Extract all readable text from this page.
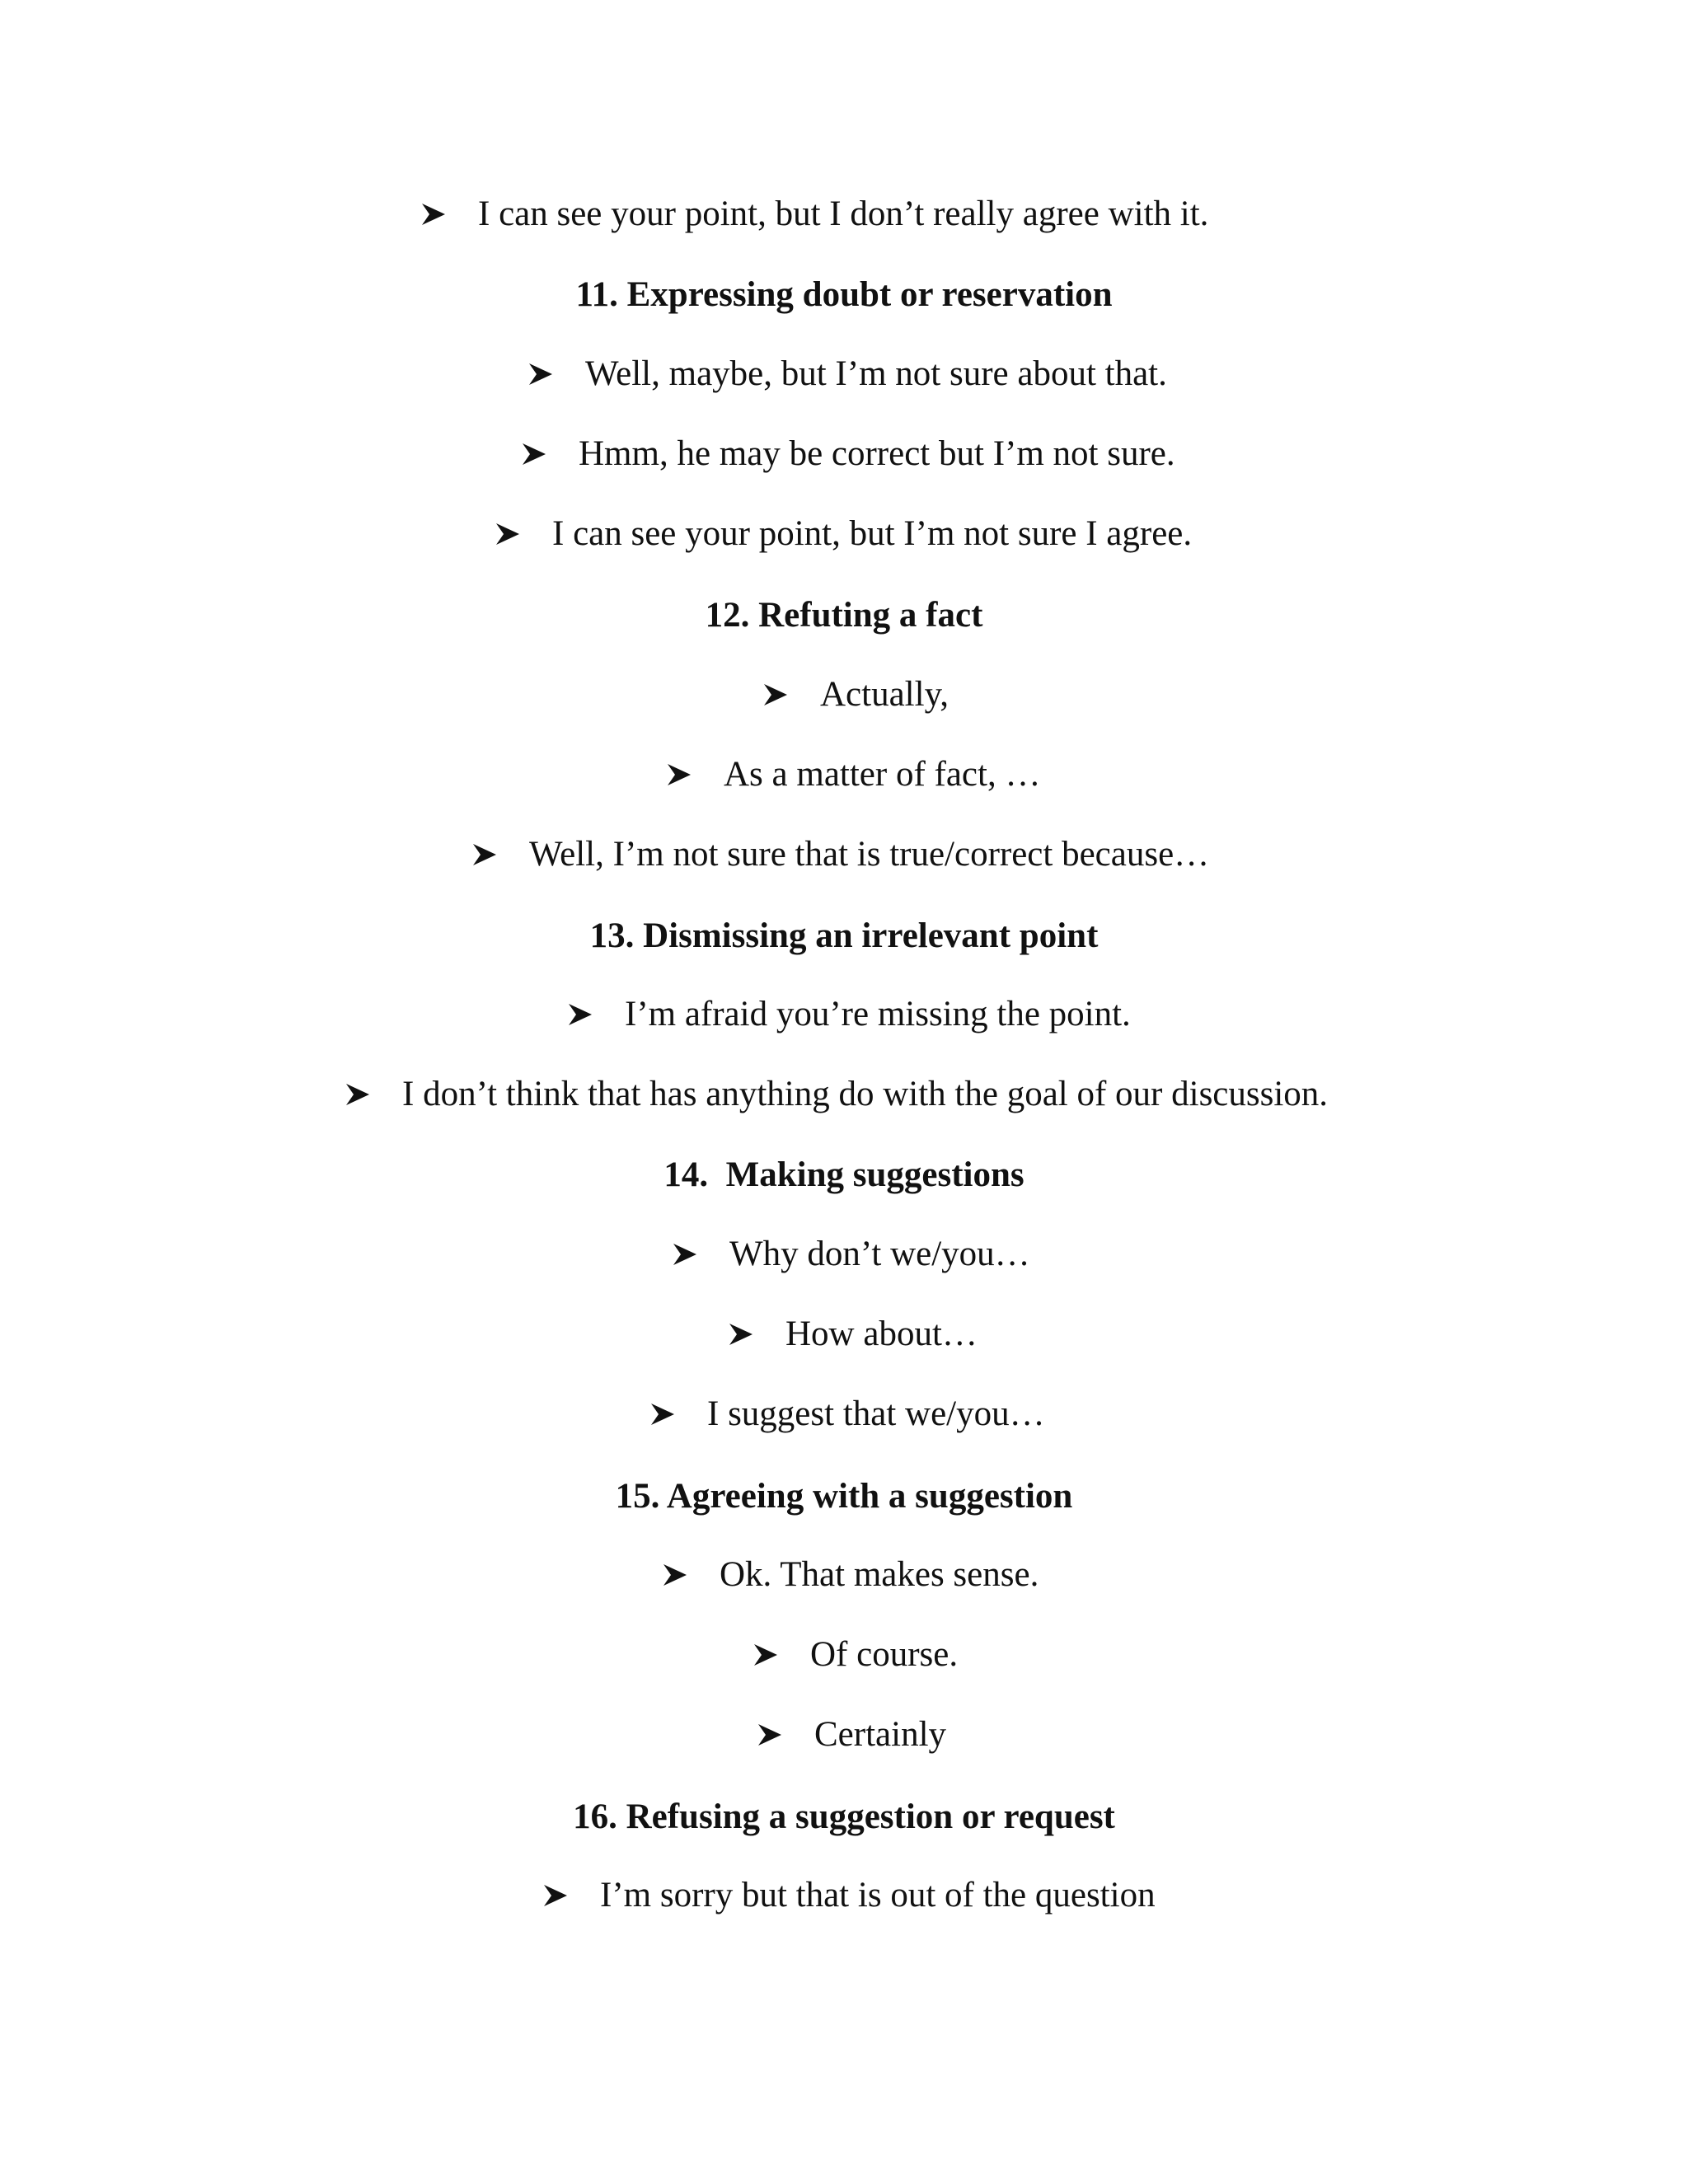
I can see your point, but I don’t really agree with it.
11. Expressing doubt or reservation
Well, maybe, but I’m not sure about that.
Hmm, he may be correct but I’m not sure.
I can see your point, but I’m not sure I agree.
12. Refuting a fact
Actually,
As a matter of fact, …
Well, I’m not sure that is true/correct because…
13. Dismissing an irrelevant point
I’m afraid you’re missing the point.
I don’t think that has anything do with the goal of our discussion.
14.  Making suggestions
Why don’t we/you…
How about…
I suggest that we/you…
15. Agreeing with a suggestion
Ok. That makes sense.
Of course.
Certainly
16. Refusing a suggestion or request
I’m sorry but that is out of the question
